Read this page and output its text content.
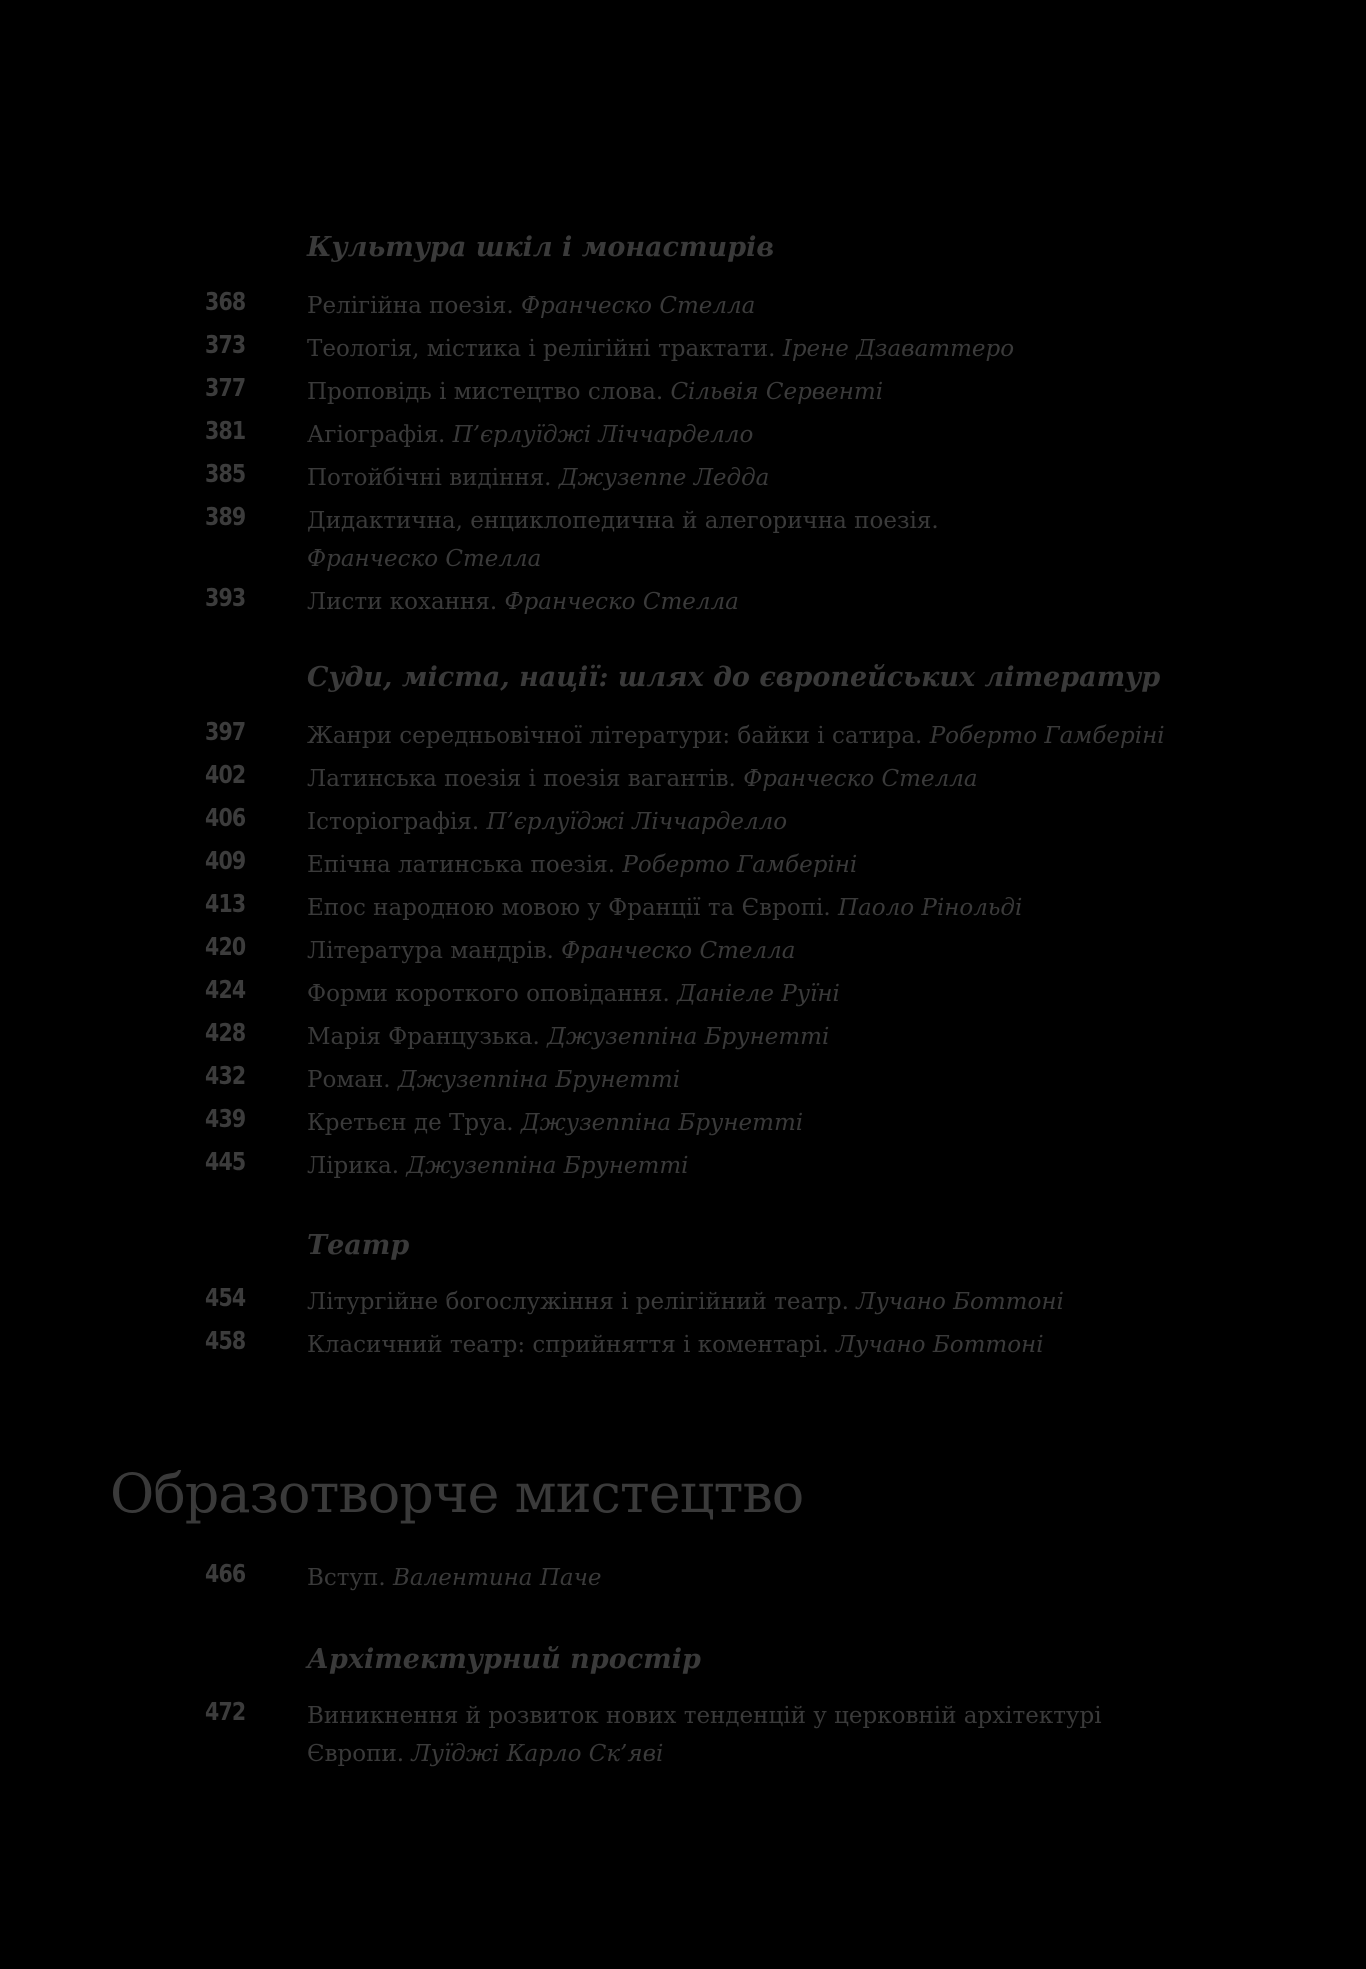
Культура шкіл і монастирів
368	Релігійна поезія. Франческо Стелла
373	Теологія, містика і релігійні трактати. Ірене Дзаваттеро
377	Проповідь і мистецтво слова. Сільвія Сервенті
381	Агіографія. П’єрлуїджі Ліччарделло
385	Потойбічні видіння. Джузеппе Ледда
389	Дидактична, енциклопедична й алегорична поезія. Франческо Стелла
393	Листи кохання. Франческо Стелла
Суди, міста, нації: шлях до європейських літератур
397	Жанри середньовічної літератури: байки і сатира. Роберто Гамберіні
402	Латинська поезія і поезія вагантів. Франческо Стелла
406	Історіографія. П’єрлуїджі Ліччарделло
409	Епічна латинська поезія. Роберто Гамберіні
413	Епос народною мовою у Франції та Європі. Паоло Рінольді
420	Література мандрів. Франческо Стелла
424	Форми короткого оповідання. Даніеле Руїні
428	Марія Французька. Джузеппіна Брунетті
432	Роман. Джузеппіна Брунетті
439	Кретьєн де Труа. Джузеппіна Брунетті
445	Лірика. Джузеппіна Брунетті
Театр
454	Літургійне богослужіння і релігійний театр. Лучано Боттоні
458	Класичний театр: сприйняття і коментарі. Лучано Боттоні
Образотворче мистецтво
466	Вступ. Валентина Паче
Архітектурний простір
472	Виникнення й розвиток нових тенденцій у церковній архітектурі Європи. Луїджі Карло Ск’яві
